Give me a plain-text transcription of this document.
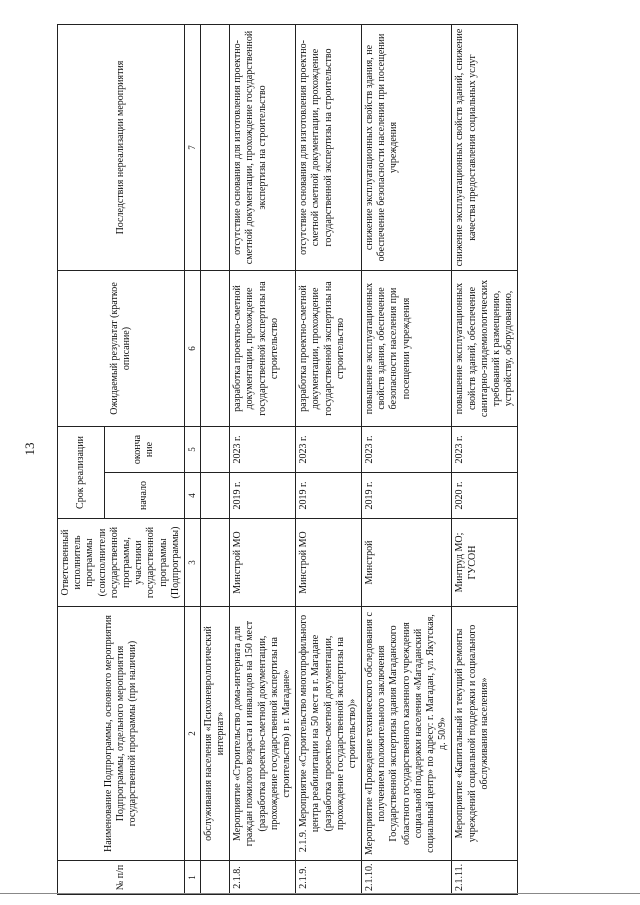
13
№ п/п	Наименование Подпрограммы, основного мероприятия Подпрограммы, отдельного мероприятия государственной программы (при наличии)	Ответственный исполнитель программы (соисполнители государственной программы, участники государственной программы (Подпрограммы)	Срок реализации		Ожидаемый результат (краткое описание)	Последствия нереализации мероприятия
			начало	оконча ние		
1	2	3	4	5	6	7
	обслуживания населения «Психоневрологический интернат»					
2.1.8.	Мероприятие «Строительство дома-интерната для граждан пожилого возраста и инвалидов на 150 мест (разработка проектно-сметной документации, прохождение государственной экспертизы на строительство) в г. Магадане»	Минстрой МО	2019 г.	2023 г.	разработка проектно-сметной документации, прохождение государственной экспертизы на строительство	отсутствие основания для изготовления проектно-сметной документации, прохождение государственной экспертизы на строительство
2.1.9.	2.1.9. Мероприятие «Строительство многопрофильного центра реабилитации на 50 мест в г. Магадане (разработка проектно-сметной документации, прохождение государственной экспертизы на строительство)»	Минстрой МО	2019 г.	2023 г.	разработка проектно-сметной документации, прохождение государственной экспертизы на строительство	отсутствие основания для изготовления проектно-сметной сметной документации, прохождение государственной экспертизы на строительство
2.1.10.	Мероприятие «Проведение технического обследования с получением положительного заключения Государственной экспертизы здания Магаданского областного государственного казенного учреждения социальной поддержки населения «Магаданский социальный центр» по адресу: г. Магадан, ул. Якутская, д. 50/9»	Минстрой	2019 г.	2023 г.	повышение эксплуатационных свойств здания, обеспечение безопасности населения при посещении учреждения	снижение эксплуатационных свойств здания, не обеспечение безопасности населения при посещении учреждения
2.1.11.	Мероприятие «Капитальный и текущий ремонты учреждений социальной поддержки и социального обслуживания населения»	Минтруд МО; ГУСОН	2020 г.	2023 г.	повышение эксплуатационных свойств зданий, обеспечение санитарно-эпидемиологических требований к размещению, устройству, оборудованию,	снижение эксплуатационных свойств зданий, снижение качества предоставления социальных услуг
